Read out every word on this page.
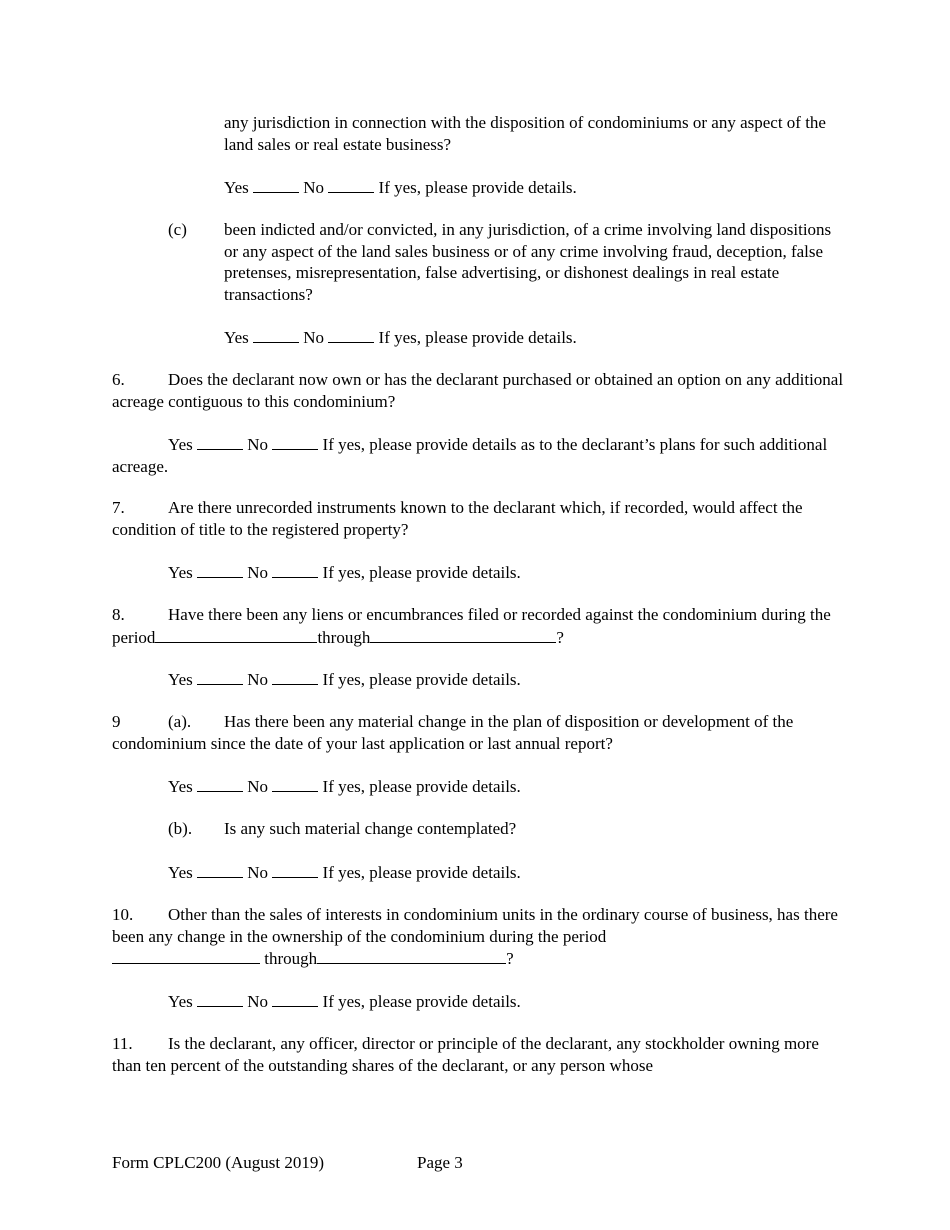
any jurisdiction in connection with the disposition of condominiums or any aspect of the land sales or real estate business?

Yes	No	If yes, please provide details.
(c) been indicted and/or convicted, in any jurisdiction, of a crime involving land dispositions or any aspect of the land sales business or of any crime involving fraud, deception, false pretenses, misrepresentation, false advertising, or dishonest dealings in real estate transactions?

Yes	No	If yes, please provide details.

6.	Does the declarant now own or has the declarant purchased or obtained an option on any additional acreage contiguous to this condominium?

Yes	No	If yes, please provide details as to the declarant’s plans for such additional acreage.

7.	Are there unrecorded instruments known to the declarant which, if recorded, would affect the condition of title to the registered property?

Yes	No	If yes, please provide details.

8.	Have there been any liens or encumbrances filed or recorded against the condominium during the period	through	?

Yes	No	If yes, please provide details.

9	(a). Has there been any material change in the plan of disposition or development of the condominium since the date of your last application or last annual report?

Yes	No	If yes, please provide details.
(b). Is any such material change contemplated?
Yes	No	If yes, please provide details.

10. Other than the sales of interests in condominium units in the ordinary course of business, has there been any change in the ownership of the condominium during the period
through	?

Yes	No	If yes, please provide details.

11. Is the declarant, any officer, director or principle of the declarant, any stockholder owning more than ten percent of the outstanding shares of the declarant, or any person whose

Form CPLC200 (August 2019)	Page 3
